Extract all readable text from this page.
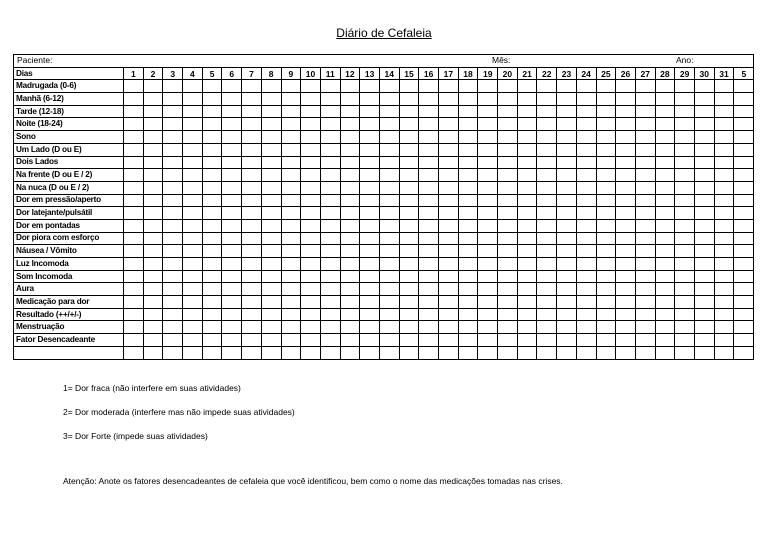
Diário de Cefaleia
Paciente: Mês: Ano:																																

Dias	1	2	3	4	5	6	7	8	9	10	11	12	13	14	15	16	17	18	19	20	21	22	23	24	25	26	27	28	29	30	31	5
Madrugada (0-6)																																
Manhã (6-12)																																
Tarde (12-18)																																
Noite (18-24)																																
Sono																																
Um Lado (D ou E)																																
Dois Lados																																
Na frente (D ou E / 2)																																
Na nuca (D ou E / 2)																																
Dor em pressão/aperto																																
Dor latejante/pulsátil																																
Dor em pontadas																																
Dor piora com esforço																																
Náusea / Vômito																																
Luz Incomoda																																
Som Incomoda																																
Aura																																
Medicação para dor																																
Resultado (++/+/-)																																
Menstruação																																
Fator Desencadeante																																

1= Dor fraca (não interfere em suas atividades)
2= Dor moderada (interfere mas não impede suas atividades)
3= Dor Forte (impede suas atividades)
Atenção: Anote os fatores desencadeantes de cefaleia que você identificou, bem como o nome das medicações tomadas nas crises.
